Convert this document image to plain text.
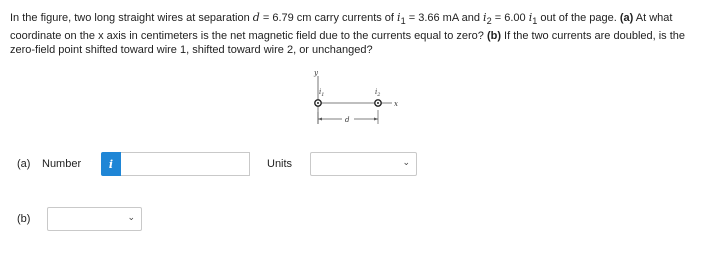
In the figure, two long straight wires at separation d = 6.79 cm carry currents of $i_1 = 3.66$ mA and $i_2 = 6.00$ $i_1$ out of the page. (a) At what coordinate on the x axis in centimeters is the net magnetic field due to the currents equal to zero? (b) If the two currents are doubled, is the zero-field point shifted toward wire 1, shifted toward wire 2, or unchanged?
y
x
$i_1$	$i_2$
d
(a) Number	i	Units	⌄
(b)	⌄
